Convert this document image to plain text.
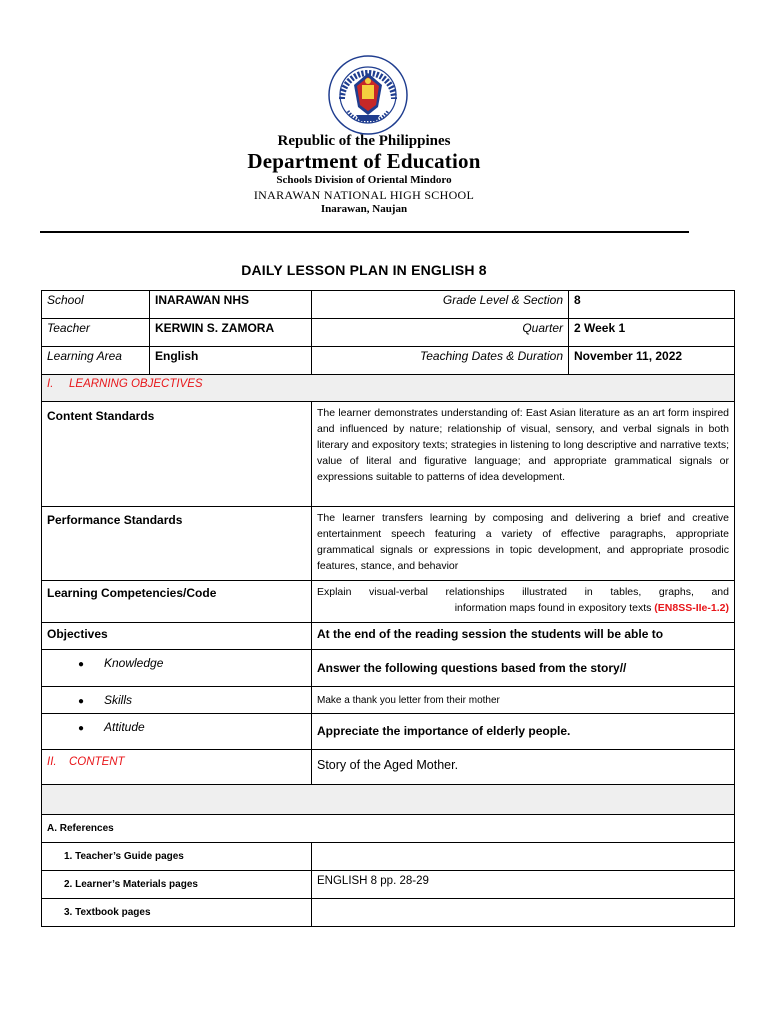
Republic of the Philippines
Department of Education
Schools Division of Oriental Mindoro
INARAWAN NATIONAL HIGH SCHOOL
Inarawan, Naujan
DAILY LESSON PLAN IN ENGLISH 8
School	INARAWAN NHS	Grade Level & Section	8
Teacher	KERWIN S. ZAMORA	Quarter	2 Week 1
Learning Area	English	Teaching Dates & Duration	November 11, 2022
I. LEARNING OBJECTIVES			
Content Standards		The learner demonstrates understanding of: East Asian literature as an art form inspired and influenced by nature; relationship of visual, sensory, and verbal signals in both literary and expository texts; strategies in listening to long descriptive and narrative texts; value of literal and figurative language; and appropriate grammatical signals or expressions suitable to patterns of idea development.	
Performance Standards		The learner transfers learning by composing and delivering a brief and creative entertainment speech featuring a variety of effective paragraphs, appropriate grammatical signals or expressions in topic development, and appropriate prosodic features, stance, and behavior	
Learning Competencies/Code		Explain visual-verbal relationships illustrated in tables, graphs, and
information maps found in expository texts (EN8SS-IIe-1.2)	

Objectives		At the end of the reading session the students will be able to	
● Knowledge		Answer the following questions based from the story//	
● Skills		Make a thank you letter from their mother	
● Attitude		Appreciate the importance of elderly people.	
II. CONTENT		Story of the Aged Mother.	

A. References			
1. Teacher’s Guide pages			
2. Learner’s Materials pages		ENGLISH 8 pp. 28-29	
3. Textbook pages			
